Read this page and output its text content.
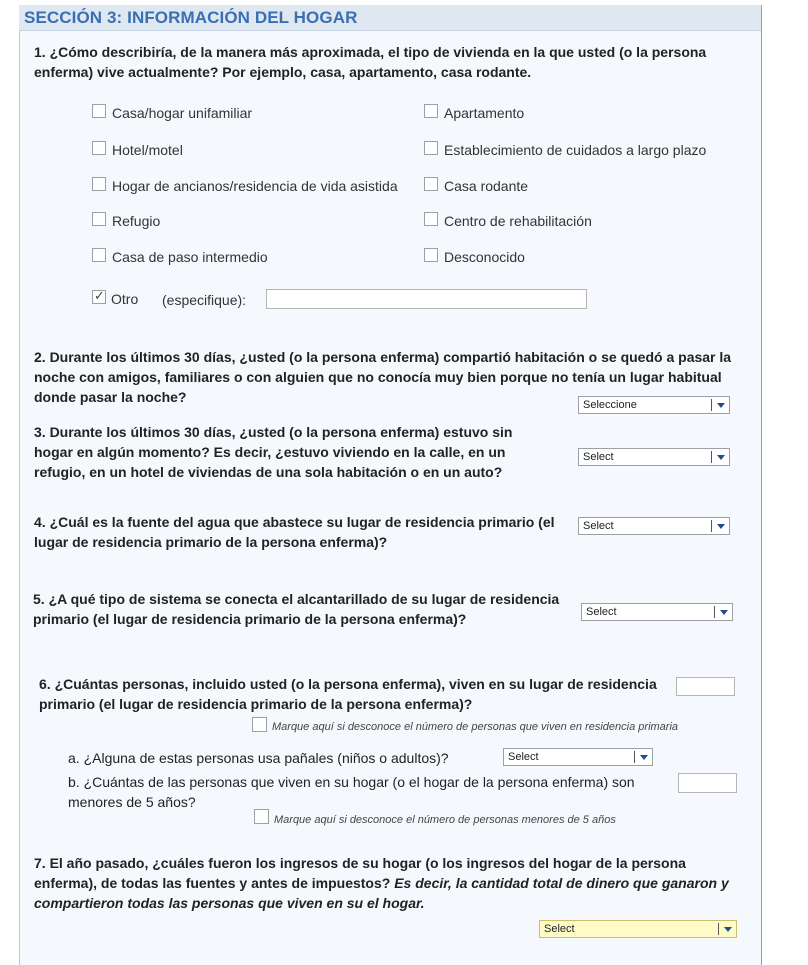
SECCIÓN 3: INFORMACIÓN DEL HOGAR
1. ¿Cómo describiría, de la manera más aproximada, el tipo de vivienda en la que usted (o la persona enferma) vive actualmente? Por ejemplo, casa, apartamento, casa rodante.
Casa/hogar unifamiliar	Apartamento
Hotel/motel	Establecimiento de cuidados a largo plazo
Hogar de ancianos/residencia de vida asistida	Casa rodante
Refugio	Centro de rehabilitación
Casa de paso intermedio	Desconocido
✓
Otro (especifique):
2. Durante los últimos 30 días, ¿usted (o la persona enferma) compartió habitación o se quedó a pasar la noche con amigos, familiares o con alguien que no conocía muy bien porque no tenía un lugar habitual donde pasar la noche?	Seleccione
3. Durante los últimos 30 días, ¿usted (o la persona enferma) estuvo sin hogar en algún momento? Es decir, ¿estuvo viviendo en la calle, en un refugio, en un hotel de viviendas de una sola habitación o en un auto?
Select
4. ¿Cuál es la fuente del agua que abastece su lugar de residencia primario (el lugar de residencia primario de la persona enferma)?
Select
5. ¿A qué tipo de sistema se conecta el alcantarillado de su lugar de residencia primario (el lugar de residencia primario de la persona enferma)?	Select
6. ¿Cuántas personas, incluido usted (o la persona enferma), viven en su lugar de residencia primario (el lugar de residencia primario de la persona enferma)?
Marque aquí si desconoce el número de personas que viven en residencia primaria
a. ¿Alguna de estas personas usa pañales (niños o adultos)?	Select
b. ¿Cuántas de las personas que viven en su hogar (o el hogar de la persona enferma) son menores de 5 años?
Marque aquí si desconoce el número de personas menores de 5 años
7. El año pasado, ¿cuáles fueron los ingresos de su hogar (o los ingresos del hogar de la persona enferma), de todas las fuentes y antes de impuestos? Es decir, la cantidad total de dinero que ganaron y compartieron todas las personas que viven en su el hogar.
Select
